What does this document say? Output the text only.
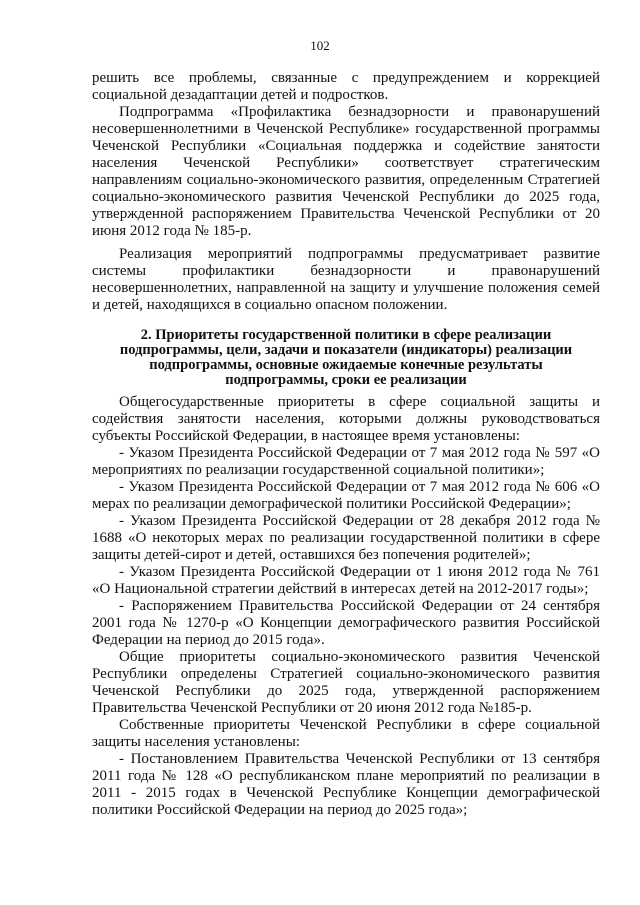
102

решить все проблемы, связанные с предупреждением и коррекцией социальной дезадаптации детей и подростков.

Подпрограмма «Профилактика безнадзорности и правонарушений несовершеннолетними в Чеченской Республике» государственной программы Чеченской Республики «Социальная поддержка и содействие занятости населения Чеченской Республики» соответствует стратегическим направлениям социально-экономического развития, определенным Стратегией социально-экономического развития Чеченской Республики до 2025 года, утвержденной распоряжением Правительства Чеченской Республики от 20 июня 2012 года № 185-р.

Реализация мероприятий подпрограммы предусматривает развитие системы профилактики безнадзорности и правонарушений несовершеннолетних, направленной на защиту и улучшение положения семей и детей, находящихся в социально опасном положении.

2. Приоритеты государственной политики в сфере реализации подпрограммы, цели, задачи и показатели (индикаторы) реализации подпрограммы, основные ожидаемые конечные результаты подпрограммы, сроки ее реализации

Общегосударственные приоритеты в сфере социальной защиты и содействия занятости населения, которыми должны руководствоваться субъекты Российской Федерации, в настоящее время установлены:

- Указом Президента Российской Федерации от 7 мая 2012 года № 597 «О мероприятиях по реализации государственной социальной политики»;

- Указом Президента Российской Федерации от 7 мая 2012 года № 606 «О мерах по реализации демографической политики Российской Федерации»;

- Указом Президента Российской Федерации от 28 декабря 2012 года № 1688 «О некоторых мерах по реализации государственной политики в сфере защиты детей-сирот и детей, оставшихся без попечения родителей»;

- Указом Президента Российской Федерации от 1 июня 2012 года № 761 «О Национальной стратегии действий в интересах детей на 2012-2017 годы»;

- Распоряжением Правительства Российской Федерации от 24 сентября 2001 года № 1270-р «О Концепции демографического развития Российской Федерации на период до 2015 года».

Общие приоритеты социально-экономического развития Чеченской Республики определены Стратегией социально-экономического развития Чеченской Республики до 2025 года, утвержденной распоряжением Правительства Чеченской Республики от 20 июня 2012 года №185-р.

Собственные приоритеты Чеченской Республики в сфере социальной защиты населения установлены:

- Постановлением Правительства Чеченской Республики от 13 сентября 2011 года № 128 «О республиканском плане мероприятий по реализации в 2011 - 2015 годах в Чеченской Республике Концепции демографической политики Российской Федерации на период до 2025 года»;
